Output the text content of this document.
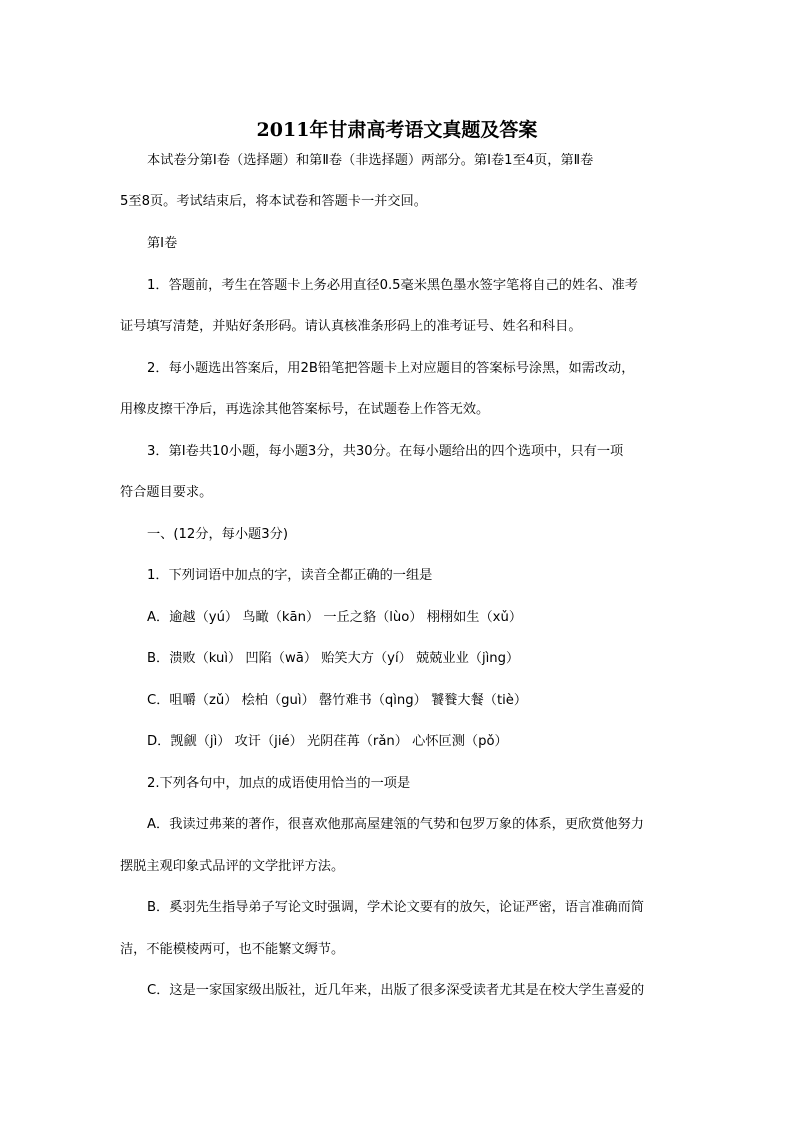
2011年甘肃高考语文真题及答案

本试卷分第Ⅰ卷（选择题）和第Ⅱ卷（非选择题）两部分。第Ⅰ卷1至4页，第Ⅱ卷

5至8页。考试结束后，将本试卷和答题卡一并交回。

第Ⅰ卷

1．答题前，考生在答题卡上务必用直径0.5毫米黑色墨水签字笔将自己的姓名、准考

证号填写清楚，并贴好条形码。请认真核准条形码上的准考证号、姓名和科目。

2．每小题选出答案后，用2B铅笔把答题卡上对应题目的答案标号涂黑，如需改动，

用橡皮擦干净后，再选涂其他答案标号，在试题卷上作答无效。

3．第Ⅰ卷共10小题，每小题3分，共30分。在每小题给出的四个选项中，只有一项

符合题目要求。

一、(12分，每小题3分)

1．下列词语中加点的字，读音全都正确的一组是

A．逾越（yú） 鸟瞰（kān） 一丘之貉（lùo） 栩栩如生（xǔ）

B．溃败（kuì） 凹陷（wā） 贻笑大方（yí） 兢兢业业（jìng）

C．咀嚼（zǔ） 桧柏（guì） 罄竹难书（qìng） 饕餮大餐（tiè）

D．觊觎（jì） 攻讦（jié） 光阴荏苒（rǎn） 心怀叵测（pǒ）

2.下列各句中，加点的成语使用恰当的一项是

A．我读过弗莱的著作，很喜欢他那高屋建瓴的气势和包罗万象的体系，更欣赏他努力

摆脱主观印象式品评的文学批评方法。

B．奚羽先生指导弟子写论文时强调，学术论文要有的放矢，论证严密，语言准确而简

洁，不能模棱两可，也不能繁文缛节。

C．这是一家国家级出版社，近几年来，出版了很多深受读者尤其是在校大学生喜爱的
